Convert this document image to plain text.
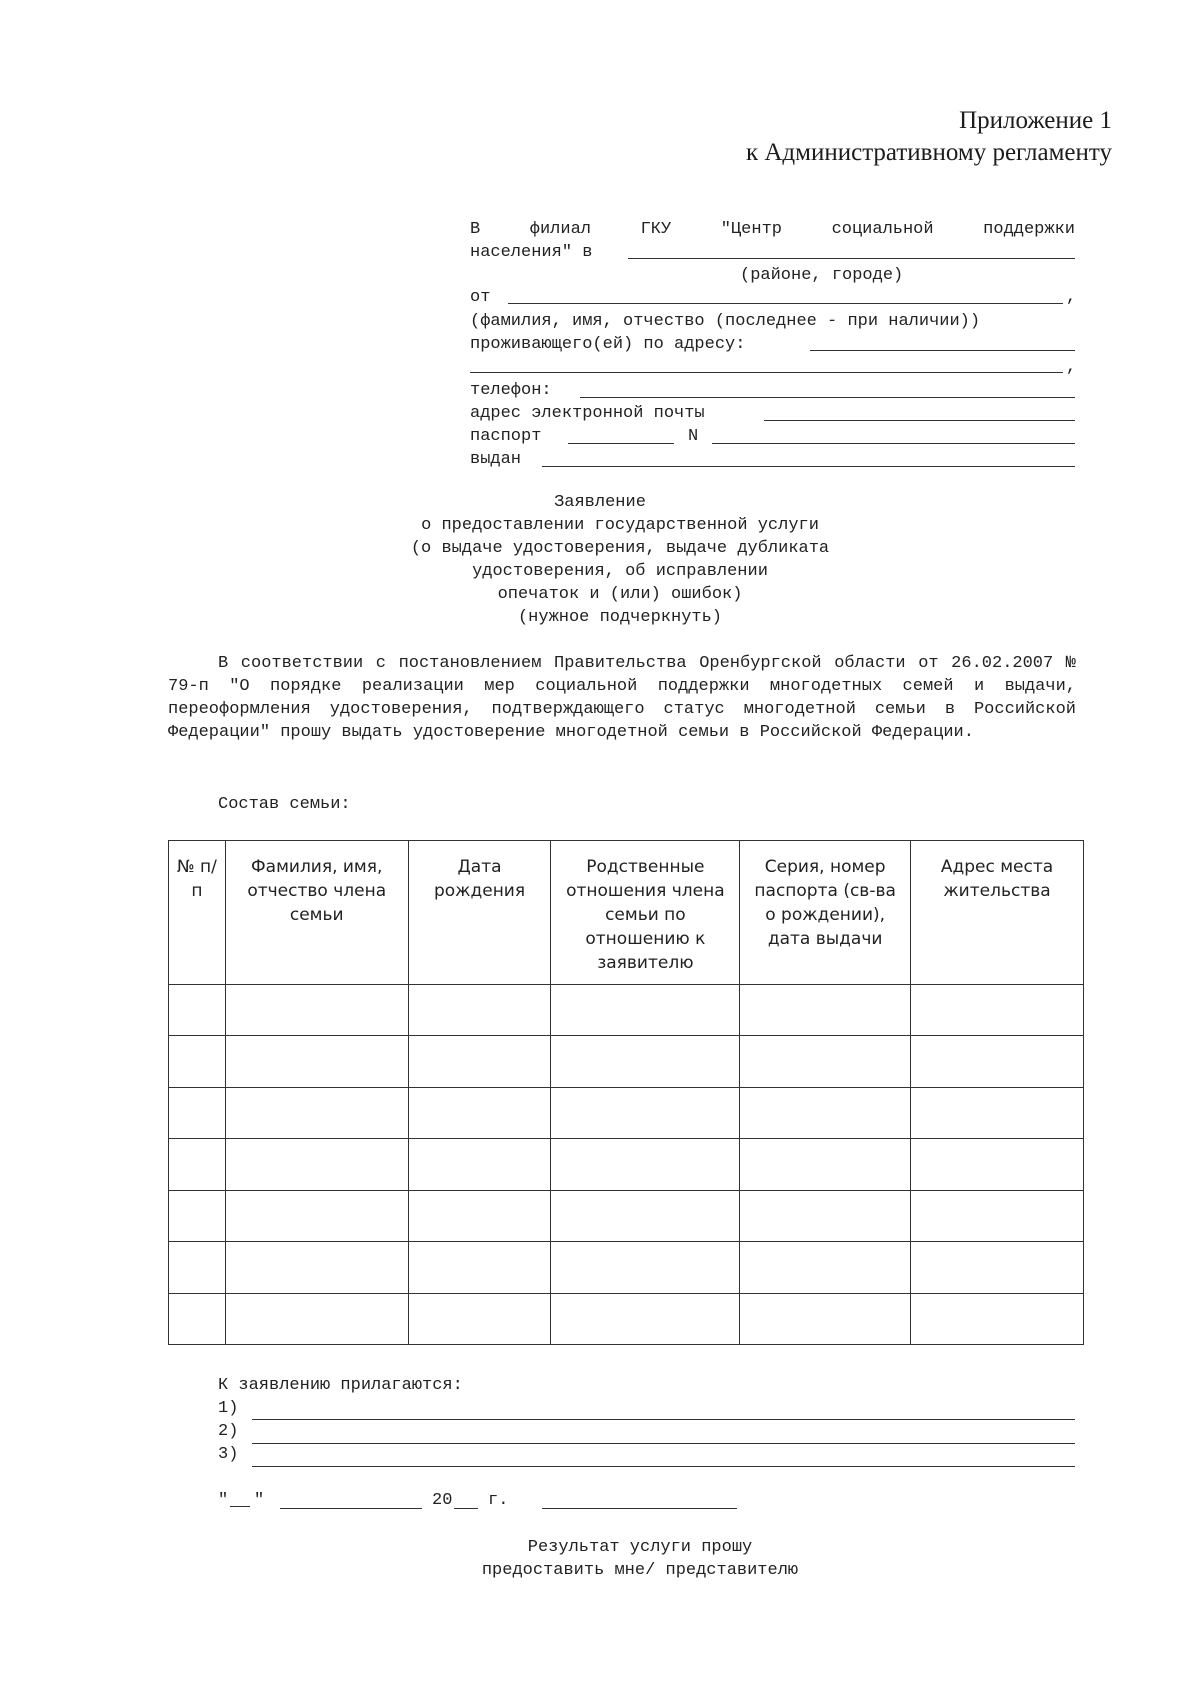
Приложение 1
к Административному регламенту
В	филиал	ГКУ	"Центр	социальной	поддержки
населения" в
(районе, городе)
от	,
(фамилия, имя, отчество (последнее - при наличии))
проживающего(ей) по адресу:
,
телефон:
адрес электронной почты
паспорт	N
выдан
Заявление
о предоставлении государственной услуги
(о выдаче удостоверения, выдаче дубликата
удостоверения, об исправлении
опечаток и (или) ошибок)
(нужное подчеркнуть)
В соответствии с постановлением Правительства Оренбургской области от 26.02.2007 № 79-п "О порядке реализации мер социальной поддержки многодетных семей и выдачи, переоформления удостоверения, подтверждающего статус многодетной семьи в Российской Федерации" прошу выдать удостоверение многодетной семьи в Российской Федерации.
Состав семьи:
№ п/п	Фамилия, имя, отчество члена семьи	Дата рождения	Родственные отношения члена семьи по отношению к заявителю	Серия, номер паспорта (св-ва о рождении), дата выдачи	Адрес места жительства

К заявлению прилагаются:
1)
2)
3)
" "	20 г.
Результат услуги прошу
предоставить мне/ представителю
